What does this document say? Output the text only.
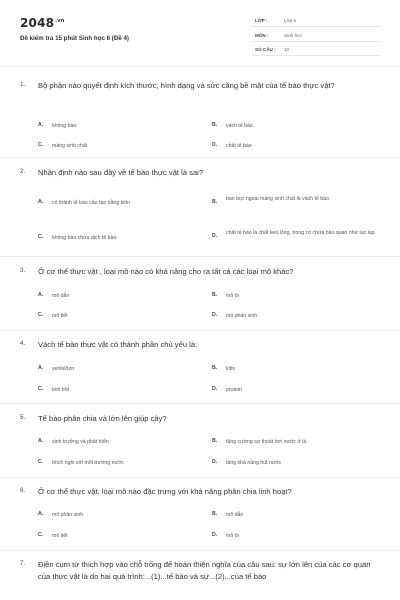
$2048^{.vn}$
Đề kiểm tra 15 phút Sinh học 6 (Đề 4)
LỚP :	Lớp 6
MÔN :	Sinh học
SỐ CÂU : 10
1. Bộ phận nào quyết định kích thước, hình dạng và sức căng bề mặt của tế bào thực vật?
A. không bào	B. vách tế bào
C. màng sinh chất	D. chất tế bào
2. Nhận định nào sau đây về tế bào thực vật là sai?
A. có thành tế bào cấu tạo bằng kitin	B. bao bọc ngoài màng sinh chất là vách tế bào
C. không bào chứa dịch tế bào	D. chất tế bào là chất keo lỏng, trong có chứa bào quan như lục lạp
3. Ở cơ thể thực vật , loại mô nào có khả năng cho ra tất cả các loại mô khác?
A. mô dẫn	B. mô bì
C. mô tiết	D. mô phân sinh
4. Vách tế bào thực vật có thành phần chủ yếu là:
A. xenlulôzơ	B. kitin
C. tinh bột	D. protein
5. Tế bào phân chia và lớn lên giúp cây?
A. sinh trưởng và phát triển	B. tăng cường sự thoát hơi nước ở lá
C. thích nghi với môi trường nước	D. tăng khả năng hút nước
6. Ở cơ thể thực vật, loại mô nào đặc trưng với khả năng phân chia linh hoạt?
A. mô phân sinh	B. mô dẫn
C. mô tiết	D. mô bì
7. Điền cụm từ thích hợp vào chỗ trống để hoàn thiện nghĩa của câu sau: sự lớn lên của các cơ quan của thực vật là do hai quá trình:...(1)...tế bào và sự...(2)...của tế bào
